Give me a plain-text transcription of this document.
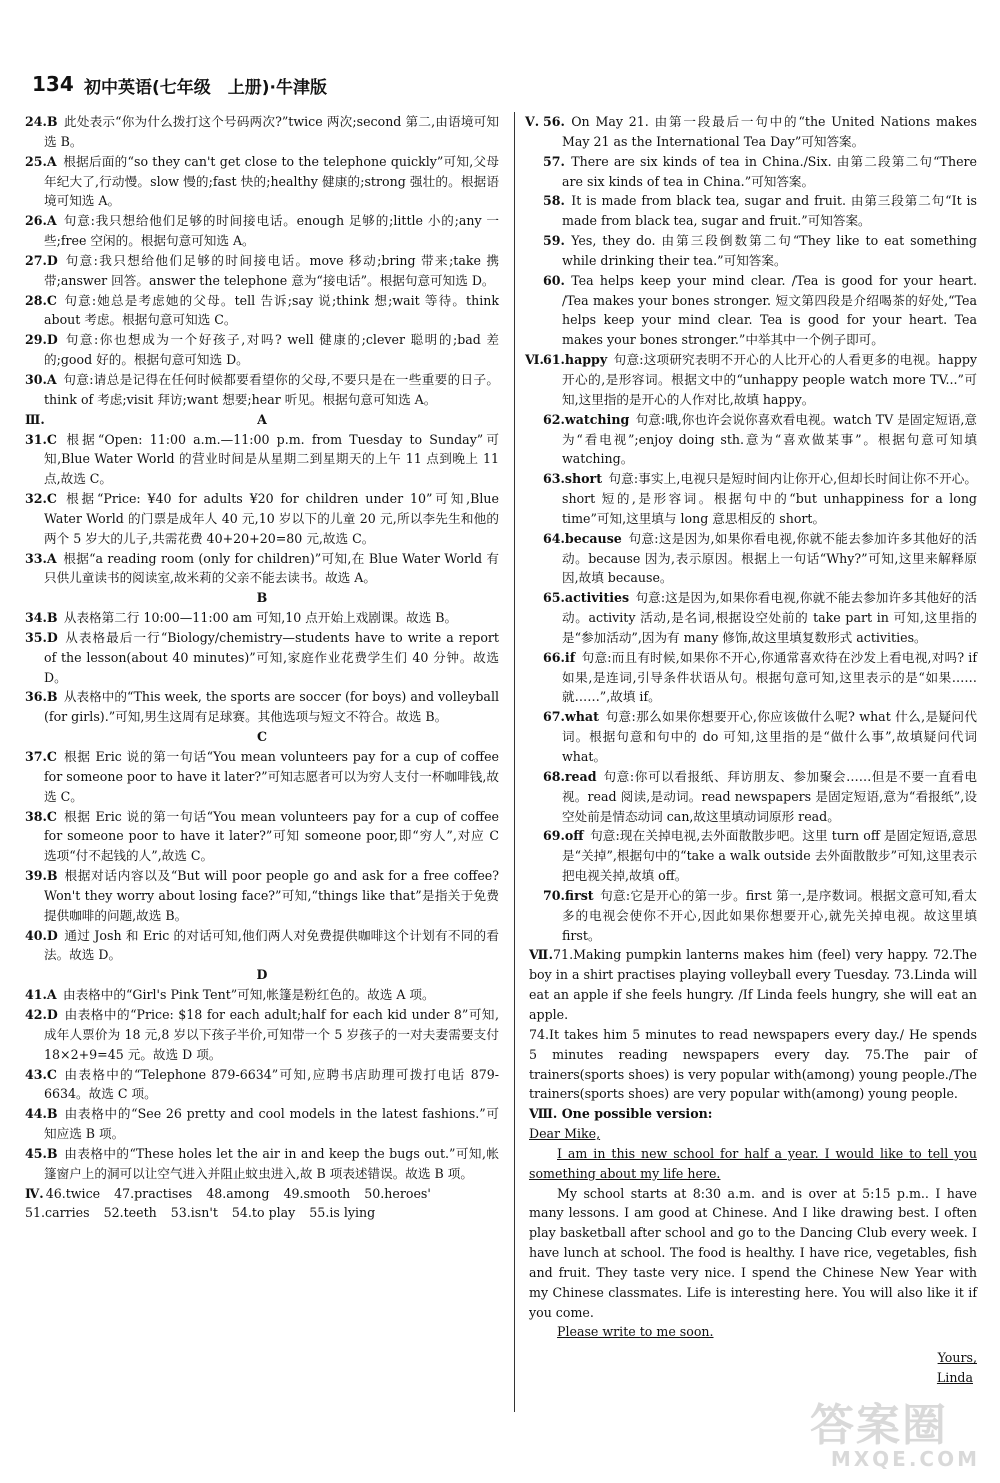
134 初中英语(七年级　上册)·牛津版
24.B  此处表示“你为什么拨打这个号码两次?”twice 两次;second 第二,由语境可知选 B。
25.A  根据后面的“so they can't get close to the telephone quickly”可知,父母年纪大了,行动慢。slow 慢的;fast 快的;healthy 健康的;strong 强壮的。根据语境可知选 A。
26.A  句意:我只想给他们足够的时间接电话。enough 足够的;little 小的;any 一些;free 空闲的。根据句意可知选 A。
27.D  句意:我只想给他们足够的时间接电话。move 移动;bring 带来;take 携带;answer 回答。answer the telephone 意为“接电话”。根据句意可知选 D。
28.C  句意:她总是考虑她的父母。tell 告诉;say 说;think 想;wait 等待。think about 考虑。根据句意可知选 C。
29.D  句意:你也想成为一个好孩子,对吗? well 健康的;clever 聪明的;bad 差的;good 好的。根据句意可知选 D。
30.A  句意:请总是记得在任何时候都要看望你的父母,不要只是在一些重要的日子。think of 考虑;visit 拜访;want 想要;hear 听见。根据句意可知选 A。
Ⅲ.	A
31.C  根据“Open: 11:00 a.m.—11:00 p.m. from Tuesday to Sunday”可知,Blue Water World 的营业时间是从星期二到星期天的上午 11 点到晚上 11 点,故选 C。
32.C  根据“Price: ¥40 for adults ¥20 for children under 10”可知,Blue Water World 的门票是成年人 40 元,10 岁以下的儿童 20 元,所以李先生和他的两个 5 岁大的儿子,共需花费 40+20+20=80 元,故选 C。
33.A  根据“a reading room (only for children)”可知,在 Blue Water World 有只供儿童读书的阅读室,故米莉的父亲不能去读书。故选 A。
B
34.B  从表格第二行 10:00—11:00 am 可知,10 点开始上戏剧课。故选 B。
35.D  从表格最后一行“Biology/chemistry—students have to write a report of the lesson(about 40 minutes)”可知,家庭作业花费学生们 40 分钟。故选 D。
36.B  从表格中的“This week, the sports are soccer (for boys) and volleyball (for girls).”可知,男生这周有足球赛。其他选项与短文不符合。故选 B。
C
37.C  根据 Eric 说的第一句话“You mean volunteers pay for a cup of coffee for someone poor to have it later?”可知志愿者可以为穷人支付一杯咖啡钱,故选 C。
38.C  根据 Eric 说的第一句话“You mean volunteers pay for a cup of coffee for someone poor to have it later?”可知 someone poor,即“穷人”,对应 C 选项“付不起钱的人”,故选 C。
39.B  根据对话内容以及“But will poor people go and ask for a free coffee? Won't they worry about losing face?”可知,“things like that”是指关于免费提供咖啡的问题,故选 B。
40.D  通过 Josh 和 Eric 的对话可知,他们两人对免费提供咖啡这个计划有不同的看法。故选 D。
D
41.A  由表格中的“Girl's Pink Tent”可知,帐篷是粉红色的。故选 A 项。
42.D  由表格中的“Price: $18 for each adult;half for each kid under 8”可知,成年人票价为 18 元,8 岁以下孩子半价,可知带一个 5 岁孩子的一对夫妻需要支付 18×2+9=45 元。故选 D 项。
43.C  由表格中的“Telephone 879-6634”可知,应聘书店助理可拨打电话 879-6634。故选 C 项。
44.B  由表格中的“See 26 pretty and cool models in the latest fashions.”可知应选 B 项。
45.B  由表格中的“These holes let the air in and keep the bugs out.”可知,帐篷窗户上的洞可以让空气进入并阻止蚊虫进入,故 B 项表述错误。故选 B 项。
Ⅳ. 46.twice 47.practises 48.among 49.smooth 50.heroes'
51.carries 52.teeth 53.isn't 54.to play 55.is lying
Ⅴ. 56.  On May 21. 由第一段最后一句中的“the United Nations makes May 21 as the International Tea Day”可知答案。
57.  There are six kinds of tea in China./Six. 由第二段第二句“There are six kinds of tea in China.”可知答案。
58.  It is made from black tea, sugar and fruit. 由第三段第二句“It is made from black tea, sugar and fruit.”可知答案。
59.  Yes, they do. 由第三段倒数第二句“They like to eat something while drinking their tea.”可知答案。
60.  Tea helps keep your mind clear. /Tea is good for your heart. /Tea makes your bones stronger. 短文第四段是介绍喝茶的好处,“Tea helps keep your mind clear. Tea is good for your heart. Tea makes your bones stronger.”中举其中一个例子即可。
Ⅵ. 61.happy  句意:这项研究表明不开心的人比开心的人看更多的电视。happy 开心的,是形容词。根据文中的“unhappy people watch more TV...”可知,这里指的是开心的人作对比,故填 happy。
62.watching  句意:哦,你也许会说你喜欢看电视。watch TV 是固定短语,意为“看电视”;enjoy doing sth.意为“喜欢做某事”。根据句意可知填 watching。
63.short  句意:事实上,电视只是短时间内让你开心,但却长时间让你不开心。short 短的,是形容词。根据句中的“but unhappiness for a long time”可知,这里填与 long 意思相反的 short。
64.because  句意:这是因为,如果你看电视,你就不能去参加许多其他好的活动。because 因为,表示原因。根据上一句话“Why?”可知,这里来解释原因,故填 because。
65.activities  句意:这是因为,如果你看电视,你就不能去参加许多其他好的活动。activity 活动,是名词,根据设空处前的 take part in 可知,这里指的是“参加活动”,因为有 many 修饰,故这里填复数形式 activities。
66.if  句意:而且有时候,如果你不开心,你通常喜欢待在沙发上看电视,对吗? if 如果,是连词,引导条件状语从句。根据句意可知,这里表示的是“如果……就……”,故填 if。
67.what  句意:那么如果你想要开心,你应该做什么呢? what 什么,是疑问代词。根据句意和句中的 do 可知,这里指的是“做什么事”,故填疑问代词 what。
68.read  句意:你可以看报纸、拜访朋友、参加聚会……但是不要一直看电视。read 阅读,是动词。read newspapers 是固定短语,意为“看报纸”,设空处前是情态动词 can,故这里填动词原形 read。
69.off  句意:现在关掉电视,去外面散散步吧。这里 turn off 是固定短语,意思是“关掉”,根据句中的“take a walk outside 去外面散散步”可知,这里表示把电视关掉,故填 off。
70.first  句意:它是开心的第一步。first 第一,是序数词。根据文意可知,看太多的电视会使你不开心,因此如果你想要开心,就先关掉电视。故这里填 first。
Ⅶ.71.Making pumpkin lanterns makes him (feel) very happy. 72.The boy in a shirt practises playing volleyball every Tuesday. 73.Linda will eat an apple if she feels hungry. /If Linda feels hungry, she will eat an apple.
74.It takes him 5 minutes to read newspapers every day./ He spends 5 minutes reading newspapers every day. 75.The pair of trainers(sports shoes) is very popular with(among) young people./The trainers(sports shoes) are very popular with(among) young people.
Ⅷ. One possible version:
Dear Mike,
I am in this new school for half a year. I would like to tell you something about my life here.
My school starts at 8:30 a.m. and is over at 5:15 p.m.. I have many lessons. I am good at Chinese. And I like drawing best. I often play basketball after school and go to the Dancing Club every week. I have lunch at school. The food is healthy. I have rice, vegetables, fish and fruit. They taste very nice. I spend the Chinese New Year with my Chinese classmates. Life is interesting here. You will also like it if you come.
Please write to me soon.
Yours,
Linda
答案圈
MXQE.COM
